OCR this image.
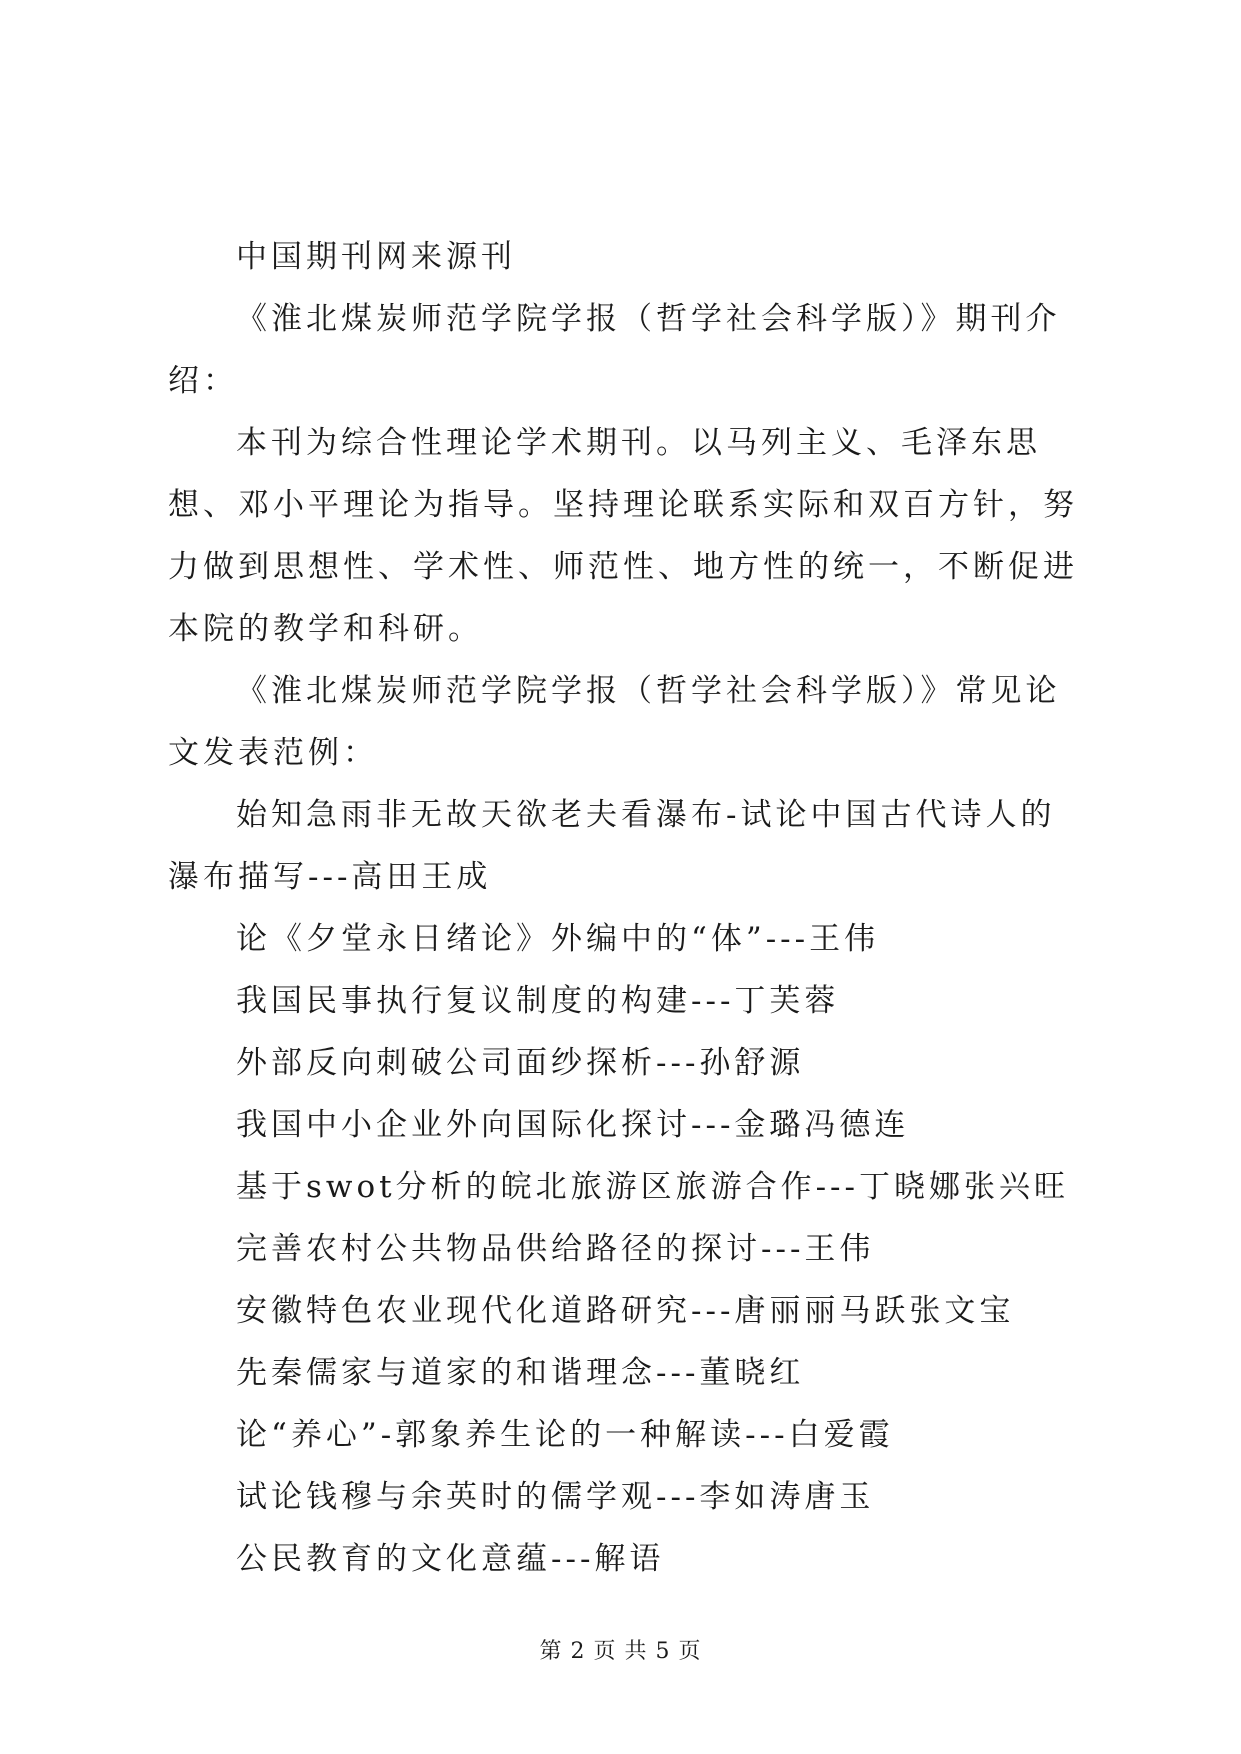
中国期刊网来源刊

《淮北煤炭师范学院学报（哲学社会科学版）》期刊介绍：

本刊为综合性理论学术期刊。以马列主义、毛泽东思想、邓小平理论为指导。坚持理论联系实际和双百方针，努力做到思想性、学术性、师范性、地方性的统一，不断促进本院的教学和科研。

《淮北煤炭师范学院学报（哲学社会科学版）》常见论文发表范例：

始知急雨非无故天欲老夫看瀑布-试论中国古代诗人的瀑布描写---高田王成

论《夕堂永日绪论》外编中的“体”---王伟

我国民事执行复议制度的构建---丁芙蓉

外部反向刺破公司面纱探析---孙舒源

我国中小企业外向国际化探讨---金璐冯德连

基于swot分析的皖北旅游区旅游合作---丁晓娜张兴旺

完善农村公共物品供给路径的探讨---王伟

安徽特色农业现代化道路研究---唐丽丽马跃张文宝

先秦儒家与道家的和谐理念---董晓红

论“养心”-郭象养生论的一种解读---白爱霞

试论钱穆与余英时的儒学观---李如涛唐玉

公民教育的文化意蕴---解语

第 2 页 共 5 页
